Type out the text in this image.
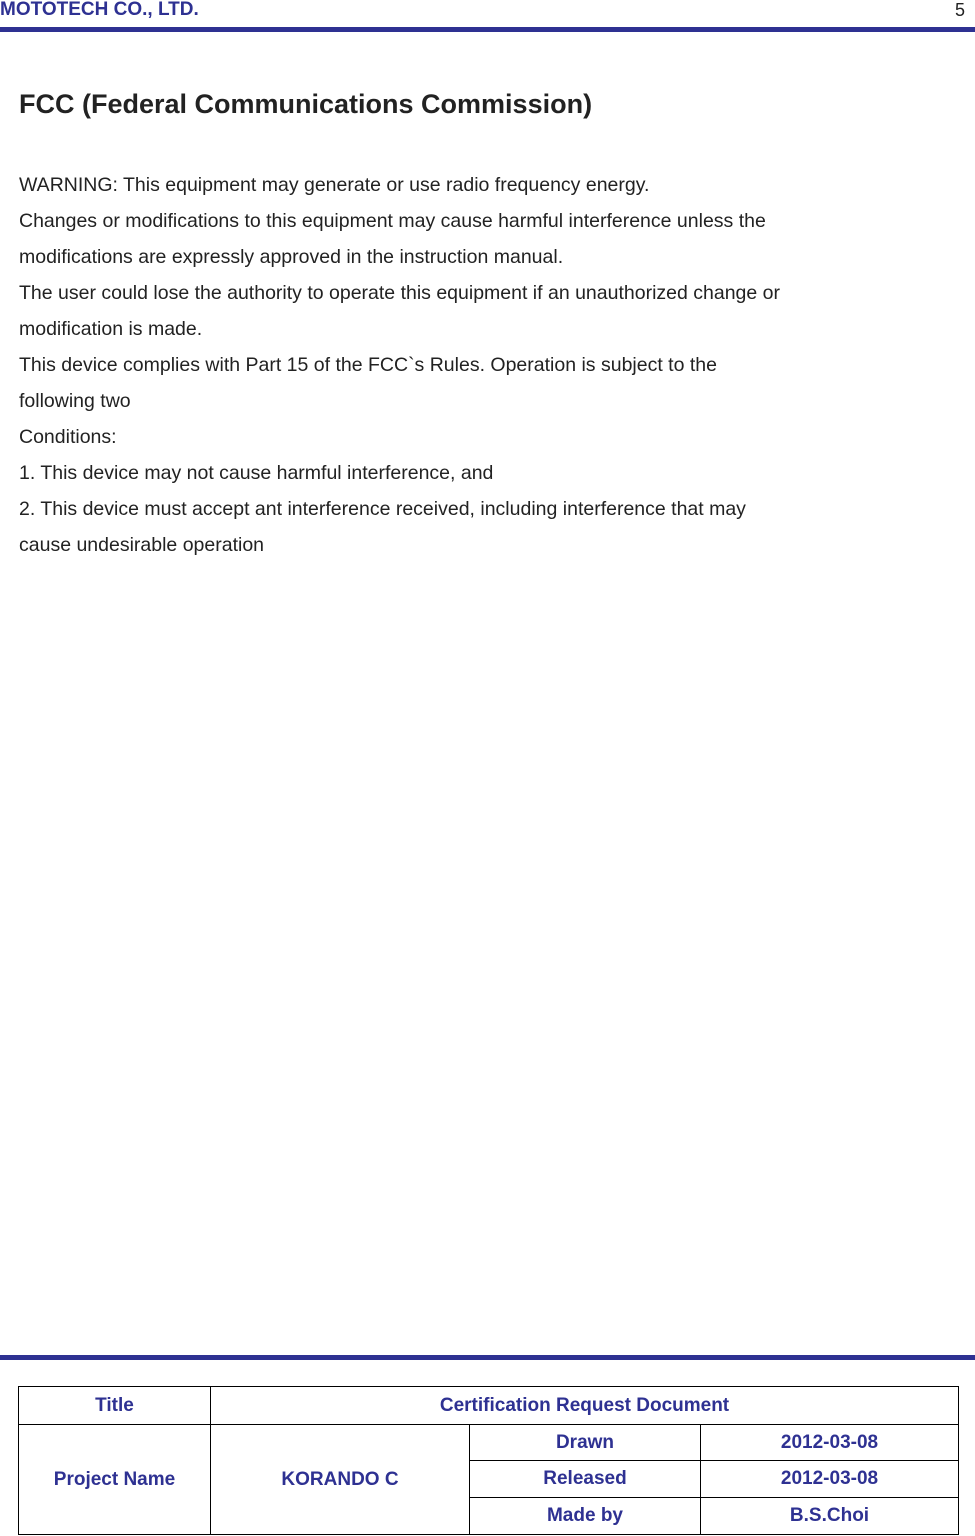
MOTOTECH CO., LTD.	5
FCC (Federal Communications Commission)
WARNING: This equipment may generate or use radio frequency energy.
Changes or modifications to this equipment may cause harmful interference unless the
modifications are expressly approved in the instruction manual.
The user could lose the authority to operate this equipment if an unauthorized change or
modification is made.
This device complies with Part 15 of the FCC`s Rules. Operation is subject to the
following two
Conditions:
1. This device may not cause harmful interference, and
2. This device must accept ant interference received, including interference that may
cause undesirable operation
Title	Certification Request Document		
Project Name	KORANDO C	Drawn	2012-03-08
		Released	2012-03-08
		Made by	B.S.Choi
